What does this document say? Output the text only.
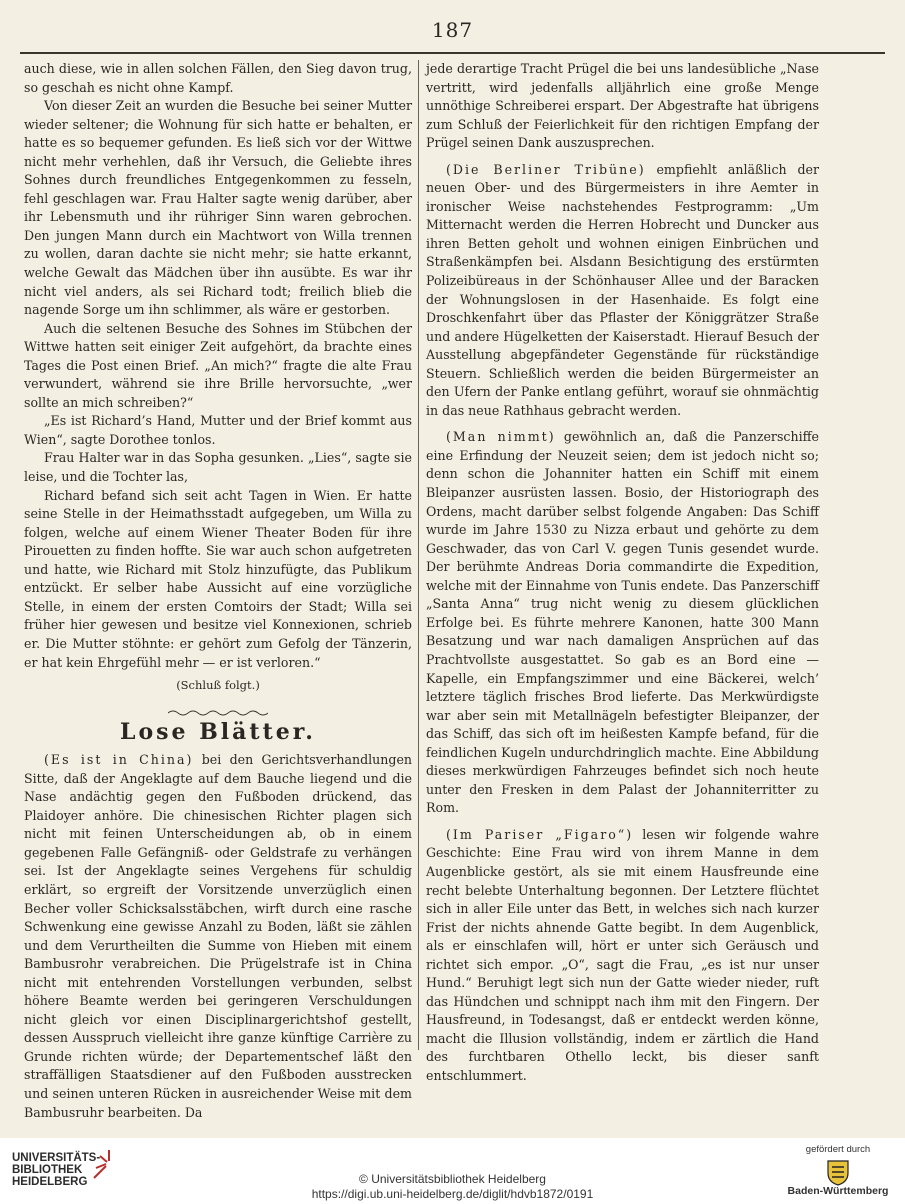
187

auch diese, wie in allen solchen Fällen, den Sieg davon trug, so geschah es nicht ohne Kampf.

Von dieser Zeit an wurden die Besuche bei seiner Mutter wieder seltener; die Wohnung für sich hatte er behalten, er hatte es so bequemer gefunden. Es ließ sich vor der Wittwe nicht mehr verhehlen, daß ihr Versuch, die Geliebte ihres Sohnes durch freundliches Entgegenkommen zu fesseln, fehl geschlagen war. Frau Halter sagte wenig darüber, aber ihr Lebensmuth und ihr rühriger Sinn waren gebrochen. Den jungen Mann durch ein Machtwort von Willa trennen zu wollen, daran dachte sie nicht mehr; sie hatte erkannt, welche Gewalt das Mädchen über ihn ausübte. Es war ihr nicht viel anders, als sei Richard todt; freilich blieb die nagende Sorge um ihn schlimmer, als wäre er gestorben.

Auch die seltenen Besuche des Sohnes im Stübchen der Wittwe hatten seit einiger Zeit aufgehört, da brachte eines Tages die Post einen Brief. „An mich?“ fragte die alte Frau verwundert, während sie ihre Brille hervorsuchte, „wer sollte an mich schreiben?“

„Es ist Richard’s Hand, Mutter und der Brief kommt aus Wien“, sagte Dorothee tonlos.

Frau Halter war in das Sopha gesunken. „Lies“, sagte sie leise, und die Tochter las,

Richard befand sich seit acht Tagen in Wien. Er hatte seine Stelle in der Heimathsstadt aufgegeben, um Willa zu folgen, welche auf einem Wiener Theater Boden für ihre Pirouetten zu finden hoffte. Sie war auch schon aufgetreten und hatte, wie Richard mit Stolz hinzufügte, das Publikum entzückt. Er selber habe Aussicht auf eine vorzügliche Stelle, in einem der ersten Comtoirs der Stadt; Willa sei früher hier gewesen und besitze viel Konnexionen, schrieb er. Die Mutter stöhnte: er gehört zum Gefolg der Tänzerin, er hat kein Ehrgefühl mehr — er ist verloren.“

(Schluß folgt.)
Lose Blätter.

(Es ist in China) bei den Gerichtsverhandlungen Sitte, daß der Angeklagte auf dem Bauche liegend und die Nase andächtig gegen den Fußboden drückend, das Plaidoyer anhöre. Die chinesischen Richter plagen sich nicht mit feinen Unterscheidungen ab, ob in einem gegebenen Falle Gefängniß- oder Geldstrafe zu verhängen sei. Ist der Angeklagte seines Vergehens für schuldig erklärt, so ergreift der Vorsitzende unverzüglich einen Becher voller Schicksalsstäbchen, wirft durch eine rasche Schwenkung eine gewisse Anzahl zu Boden, läßt sie zählen und dem Verurtheilten die Summe von Hieben mit einem Bambusrohr verabreichen. Die Prügelstrafe ist in China nicht mit entehrenden Vorstellungen verbunden, selbst höhere Beamte werden bei geringeren Verschuldungen nicht gleich vor einen Disciplinargerichtshof gestellt, dessen Ausspruch vielleicht ihre ganze künftige Carrière zu Grunde richten würde; der Departementschef läßt den straffälligen Staatsdiener auf den Fußboden ausstrecken und seinen unteren Rücken in ausreichender Weise mit dem Bambusruhr bearbeiten. Da

jede derartige Tracht Prügel die bei uns landesübliche „Nase vertritt, wird jedenfalls alljährlich eine große Menge unnöthige Schreiberei erspart. Der Abgestrafte hat übrigens zum Schluß der Feierlichkeit für den richtigen Empfang der Prügel seinen Dank auszusprechen.

(Die Berliner Tribüne) empfiehlt anläßlich der neuen Ober- und des Bürgermeisters in ihre Aemter in ironischer Weise nachstehendes Festprogramm: „Um Mitternacht werden die Herren Hobrecht und Duncker aus ihren Betten geholt und wohnen einigen Einbrüchen und Straßenkämpfen bei. Alsdann Besichtigung des erstürmten Polizeibüreaus in der Schönhauser Allee und der Baracken der Wohnungslosen in der Hasenhaide. Es folgt eine Droschkenfahrt über das Pflaster der Königgrätzer Straße und andere Hügelketten der Kaiserstadt. Hierauf Besuch der Ausstellung abgepfändeter Gegenstände für rückständige Steuern. Schließlich werden die beiden Bürgermeister an den Ufern der Panke entlang geführt, worauf sie ohnmächtig in das neue Rathhaus gebracht werden.

(Man nimmt) gewöhnlich an, daß die Panzerschiffe eine Erfindung der Neuzeit seien; dem ist jedoch nicht so; denn schon die Johanniter hatten ein Schiff mit einem Bleipanzer ausrüsten lassen. Bosio, der Historiograph des Ordens, macht darüber selbst folgende Angaben: Das Schiff wurde im Jahre 1530 zu Nizza erbaut und gehörte zu dem Geschwader, das von Carl V. gegen Tunis gesendet wurde. Der berühmte Andreas Doria commandirte die Expedition, welche mit der Einnahme von Tunis endete. Das Panzerschiff „Santa Anna“ trug nicht wenig zu diesem glücklichen Erfolge bei. Es führte mehrere Kanonen, hatte 300 Mann Besatzung und war nach damaligen Ansprüchen auf das Prachtvollste ausgestattet. So gab es an Bord eine — Kapelle, ein Empfangszimmer und eine Bäckerei, welch’ letztere täglich frisches Brod lieferte. Das Merkwürdigste war aber sein mit Metallnägeln befestigter Bleipanzer, der das Schiff, das sich oft im heißesten Kampfe befand, für die feindlichen Kugeln undurchdringlich machte. Eine Abbildung dieses merkwürdigen Fahrzeuges befindet sich noch heute unter den Fresken in dem Palast der Johanniterritter zu Rom.

(Im Pariser „Figaro“) lesen wir folgende wahre Geschichte: Eine Frau wird von ihrem Manne in dem Augenblicke gestört, als sie mit einem Hausfreunde eine recht belebte Unterhaltung begonnen. Der Letztere flüchtet sich in aller Eile unter das Bett, in welches sich nach kurzer Frist der nichts ahnende Gatte begibt. In dem Augenblick, als er einschlafen will, hört er unter sich Geräusch und richtet sich empor. „O“, sagt die Frau, „es ist nur unser Hund.“ Beruhigt legt sich nun der Gatte wieder nieder, ruft das Hündchen und schnippt nach ihm mit den Fingern. Der Hausfreund, in Todesangst, daß er entdeckt werden könne, macht die Illusion vollständig, indem er zärtlich die Hand des furchtbaren Othello leckt, bis dieser sanft entschlummert.

UNIVERSITÄTS-
BIBLIOTHEK
HEIDELBERG	© Universitätsbibliothek Heidelberg
https://digi.ub.uni-heidelberg.de/diglit/hdvb1872/0191
gefördert durch
Baden-Württemberg
